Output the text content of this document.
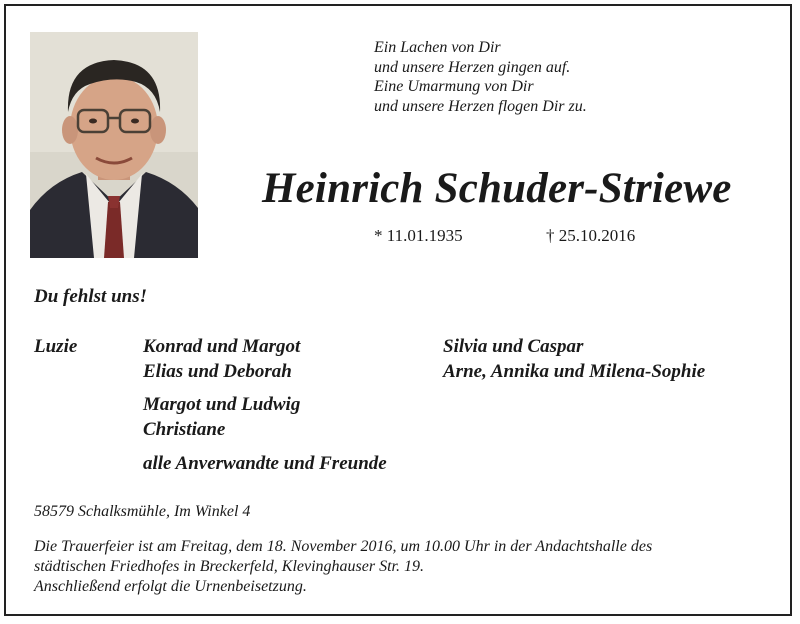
Ein Lachen von Dir
und unsere Herzen gingen auf.
Eine Umarmung von Dir
und unsere Herzen flogen Dir zu.
Heinrich Schuder-Striewe
* 11.01.1935	† 25.10.2016
Du fehlst uns!
Luzie	Konrad und Margot
Elias und Deborah
Margot und Ludwig
Christiane
alle Anverwandte und Freunde
Silvia und Caspar
Arne, Annika und Milena-Sophie
58579 Schalksmühle, Im Winkel 4
Die Trauerfeier ist am Freitag, dem 18. November 2016, um 10.00 Uhr in der Andachtshalle des
städtischen Friedhofes in Breckerfeld, Klevinghauser Str. 19.
Anschließend erfolgt die Urnenbeisetzung.
